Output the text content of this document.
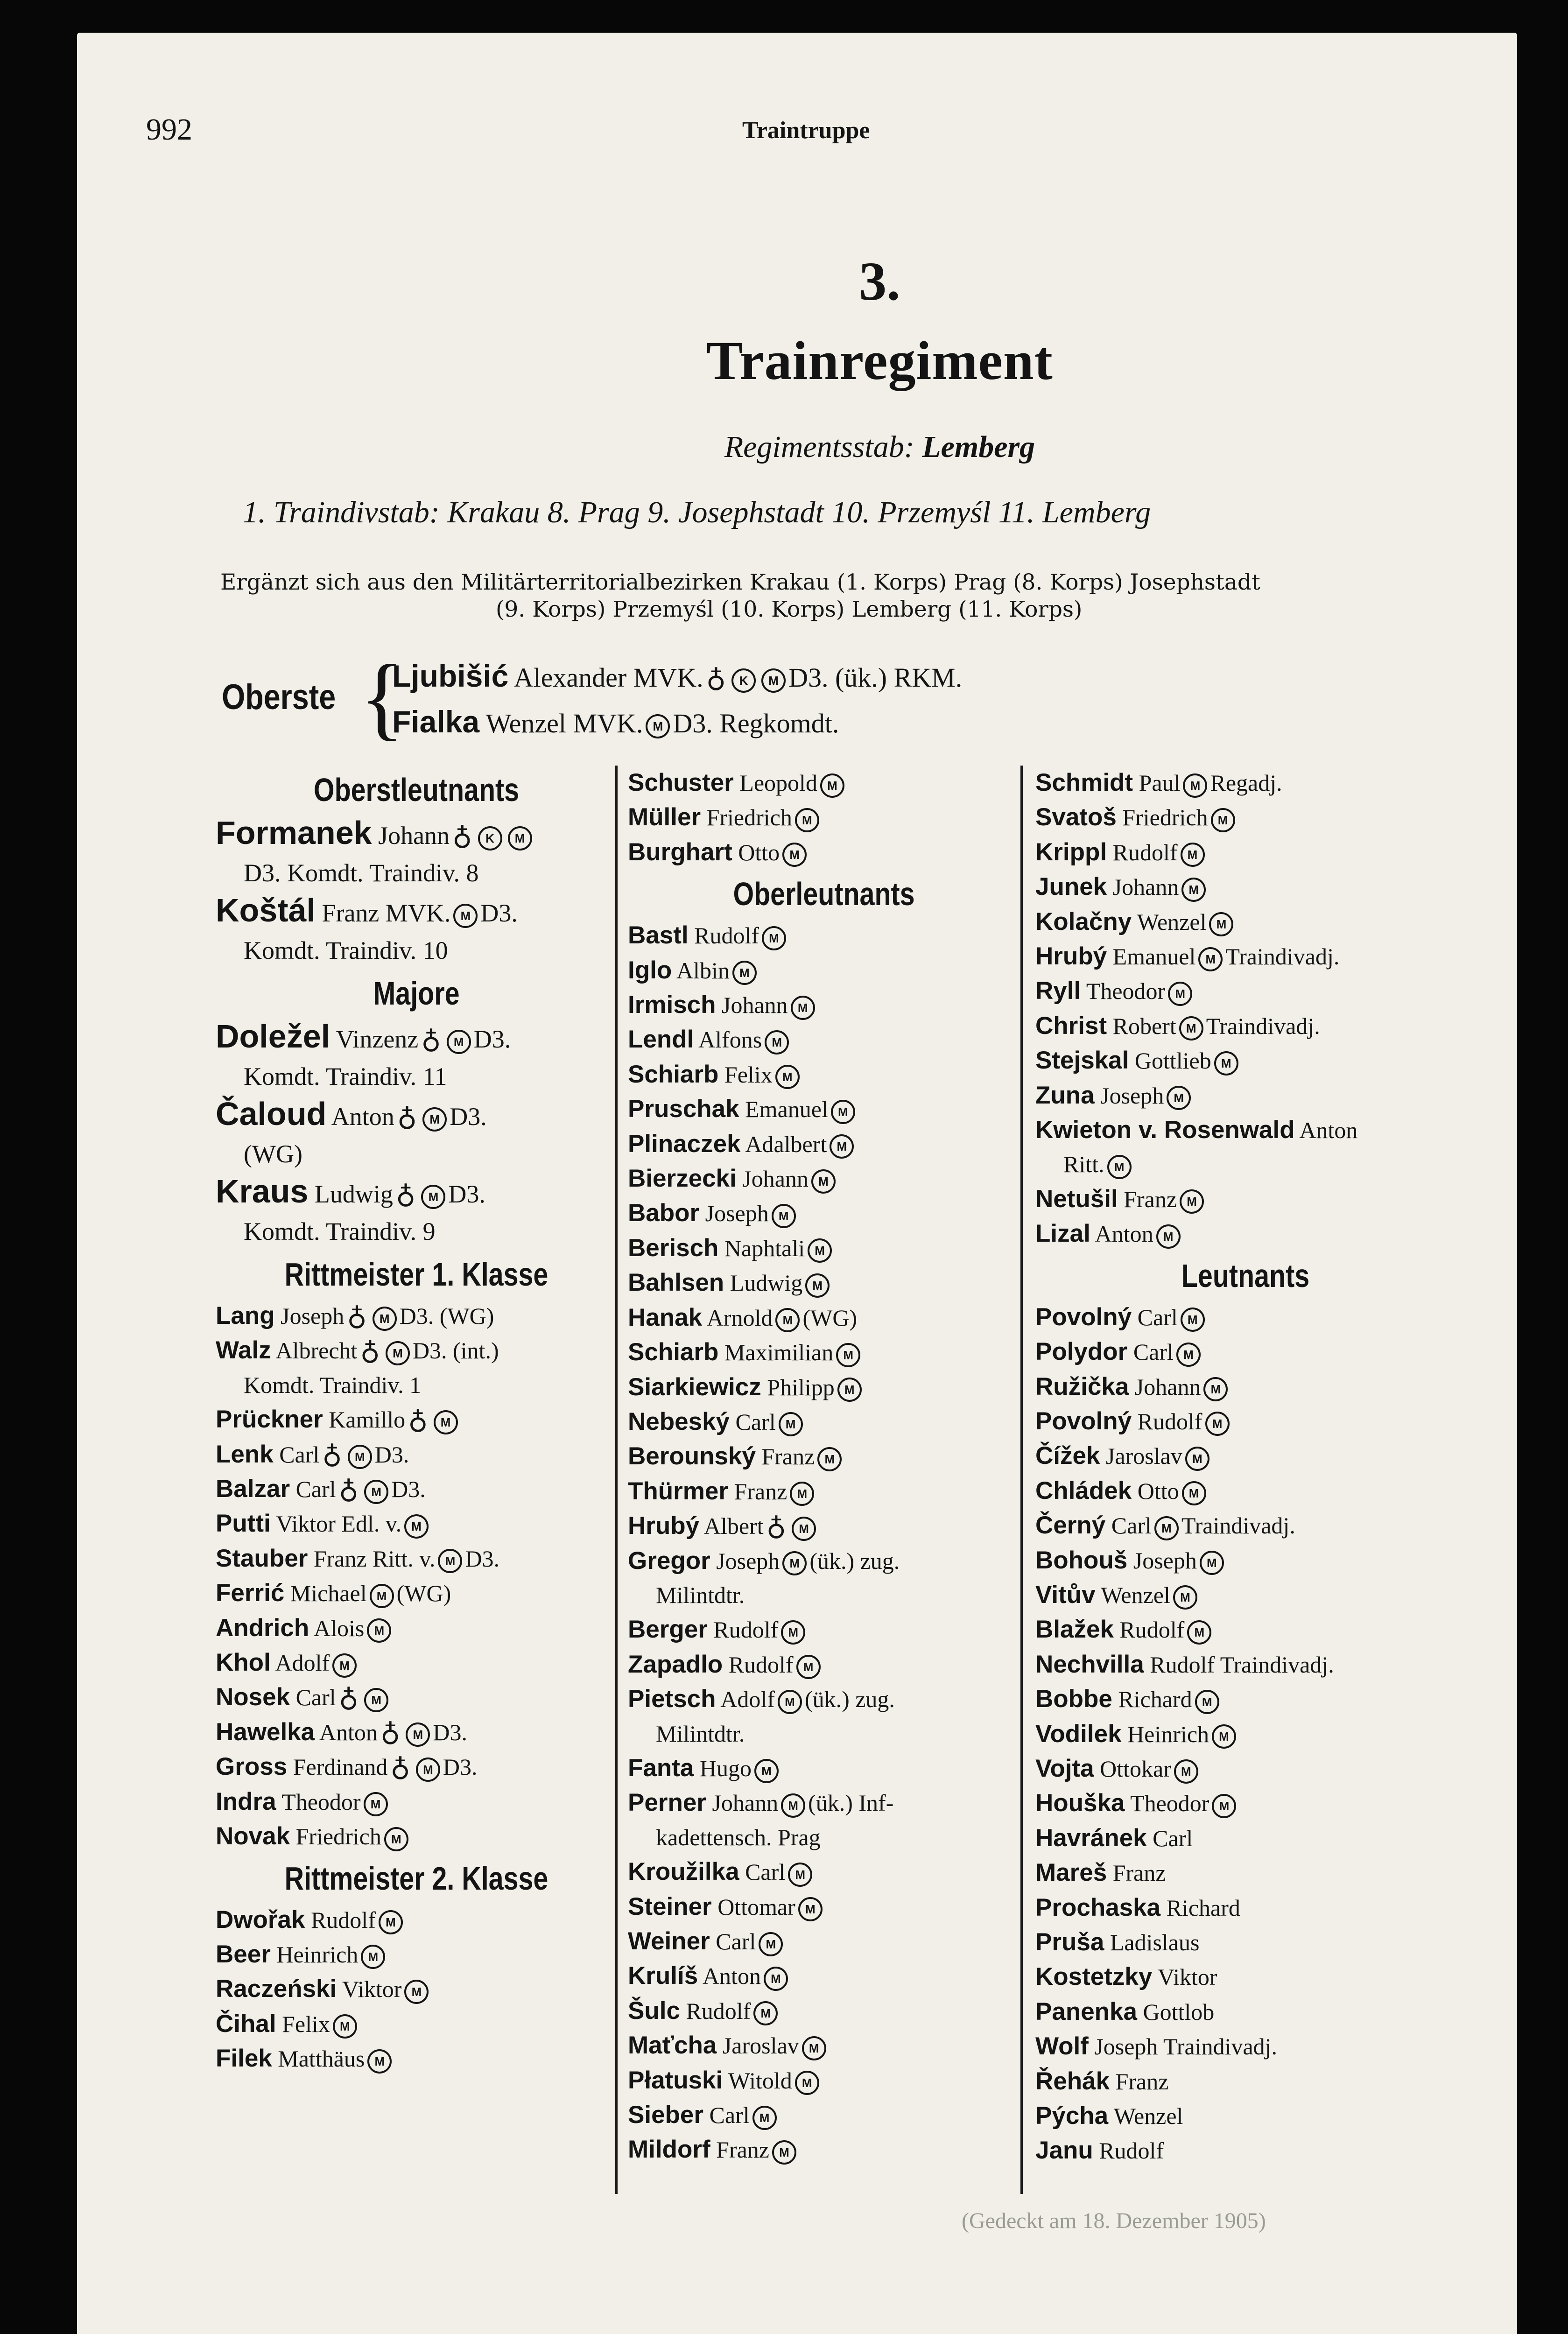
992	Traintruppe
3.
Trainregiment
Regimentsstab: Lemberg
1. Traindivstab: Krakau 8. Prag 9. Josephstadt 10. Przemyśl 11. Lemberg
Ergänzt sich aus den Militärterritorialbezirken Krakau (1. Korps) Prag (8. Korps) Josephstadt
(9. Korps) Przemyśl (10. Korps) Lemberg (11. Korps)
Oberste {
Ljubišić Alexander MVK. ♁ K M D3. (ük.) RKM.
Fialka Wenzel MVK. M D3. Regkomdt.
Oberstleutnants
Formanek Johann ♁ K M
D3. Komdt. Traindiv. 8
Koštál Franz MVK. M D3.
Komdt. Traindiv. 10
Majore
Doležel Vinzenz ♁ M D3.
Komdt. Traindiv. 11
Čaloud Anton ♁ M D3.
(WG)
Kraus Ludwig ♁ M D3.
Komdt. Traindiv. 9
Rittmeister 1. Klasse
Lang Joseph ♁ M D3. (WG)
Walz Albrecht ♁ M D3. (int.)
Komdt. Traindiv. 1
Prückner Kamillo ♁ M
Lenk Carl ♁ M D3.
Balzar Carl ♁ M D3.
Putti Viktor Edl. v. M
Stauber Franz Ritt. v. M D3.
Ferrić Michael M (WG)
Andrich Alois M
Khol Adolf M
Nosek Carl ♁ M
Hawelka Anton ♁ M D3.
Gross Ferdinand ♁ M D3.
Indra Theodor M
Novak Friedrich M
Rittmeister 2. Klasse
Dwořak Rudolf M
Beer Heinrich M
Raczeński Viktor M
Čihal Felix M
Filek Matthäus M
Schuster Leopold M
Müller Friedrich M
Burghart Otto M
Oberleutnants
Bastl Rudolf M
Iglo Albin M
Irmisch Johann M
Lendl Alfons M
Schiarb Felix M
Pruschak Emanuel M
Plinaczek Adalbert M
Bierzecki Johann M
Babor Joseph M
Berisch Naphtali M
Bahlsen Ludwig M
Hanak Arnold M (WG)
Schiarb Maximilian M
Siarkiewicz Philipp M
Nebeský Carl M
Berounský Franz M
Thürmer Franz M
Hrubý Albert ♁ M
Gregor Joseph M (ük.) zug.
Milintdtr.
Berger Rudolf M
Zapadlo Rudolf M
Pietsch Adolf M (ük.) zug.
Milintdtr.
Fanta Hugo M
Perner Johann M (ük.) Inf-
kadettensch. Prag
Kroužilka Carl M
Steiner Ottomar M
Weiner Carl M
Krulíš Anton M
Šulc Rudolf M
Maťcha Jaroslav M
Płatuski Witold M
Sieber Carl M
Mildorf Franz M
Schmidt Paul M Regadj.
Svatoš Friedrich M
Krippl Rudolf M
Junek Johann M
Kolačny Wenzel M
Hrubý Emanuel M Traindivadj.
Ryll Theodor M
Christ Robert M Traindivadj.
Stejskal Gottlieb M
Zuna Joseph M
Kwieton v. Rosenwald Anton
Ritt. M
Netušil Franz M
Lizal Anton M
Leutnants
Povolný Carl M
Polydor Carl M
Ružička Johann M
Povolný Rudolf M
Čížek Jaroslav M
Chládek Otto M
Černý Carl M Traindivadj.
Bohouš Joseph M
Vitův Wenzel M
Blažek Rudolf M
Nechvilla Rudolf Traindivadj.
Bobbe Richard M
Vodilek Heinrich M
Vojta Ottokar M
Houška Theodor M
Havránek Carl
Mareš Franz
Prochaska Richard
Pruša Ladislaus
Kostetzky Viktor
Panenka Gottlob
Wolf Joseph Traindivadj.
Řehák Franz
Pýcha Wenzel
Janu Rudolf
(Gedeckt am 18. Dezember 1905)
